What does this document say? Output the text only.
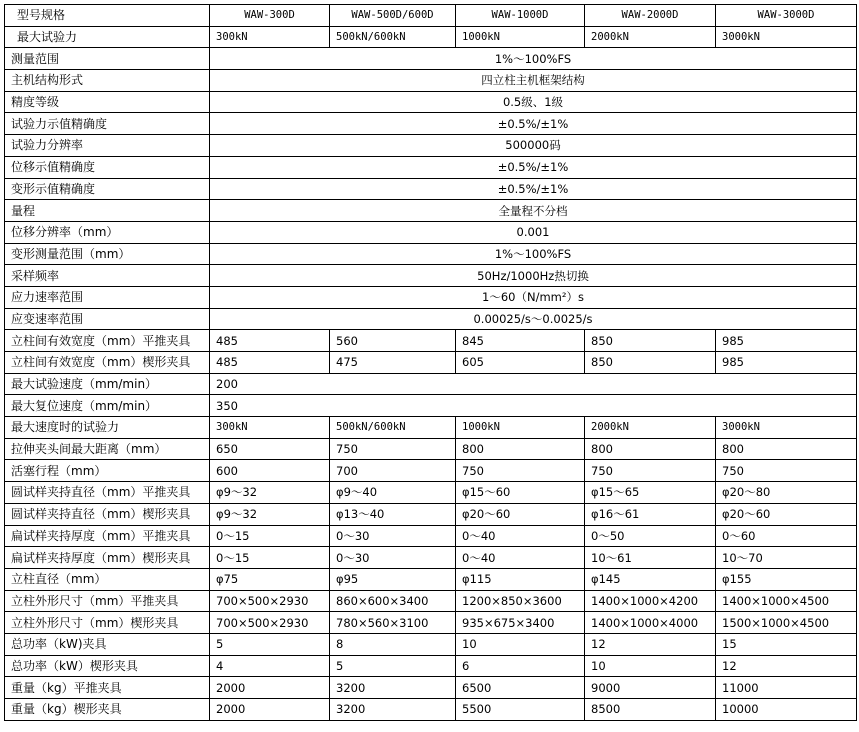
型号规格	WAW-300D	WAW-500D/600D	WAW-1000D	WAW-2000D	WAW-3000D
最大试验力	300kN	500kN/600kN	1000kN	2000kN	3000kN
测量范围	1%～100%FS				
主机结构形式	四立柱主机框架结构				
精度等级	0.5级、1级				
试验力示值精确度	±0.5%/±1%				
试验力分辨率	500000码				
位移示值精确度	±0.5%/±1%				
变形示值精确度	±0.5%/±1%				
量程	全量程不分档				
位移分辨率（mm）	0.001				
变形测量范围（mm）	1%～100%FS				
采样频率	50Hz/1000Hz热切换				
应力速率范围	1～60（N/mm²）s				
应变速率范围	0.00025/s～0.0025/s				
立柱间有效宽度（mm）平推夹具	485	560	845	850	985
立柱间有效宽度（mm）楔形夹具	485	475	605	850	985
最大试验速度（mm/min）	200				
最大复位速度（mm/min）	350				
最大速度时的试验力	300kN	500kN/600kN	1000kN	2000kN	3000kN
拉伸夹头间最大距离（mm）	650	750	800	800	800
活塞行程（mm）	600	700	750	750	750
圆试样夹持直径（mm）平推夹具	φ9～32	φ9～40	φ15～60	φ15～65	φ20～80
圆试样夹持直径（mm）楔形夹具	φ9～32	φ13～40	φ20～60	φ16～61	φ20～60
扁试样夹持厚度（mm）平推夹具	0～15	0～30	0～40	0～50	0～60
扁试样夹持厚度（mm）楔形夹具	0～15	0～30	0～40	10～61	10～70
立柱直径（mm）	φ75	φ95	φ115	φ145	φ155
立柱外形尺寸（mm）平推夹具	700×500×2930	860×600×3400	1200×850×3600	1400×1000×4200	1400×1000×4500
立柱外形尺寸（mm）楔形夹具	700×500×2930	780×560×3100	935×675×3400	1400×1000×4000	1500×1000×4500
总功率（kW)夹具	5	8	10	12	15
总功率（kW）楔形夹具	4	5	6	10	12
重量（kg）平推夹具	2000	3200	6500	9000	11000
重量（kg）楔形夹具	2000	3200	5500	8500	10000
